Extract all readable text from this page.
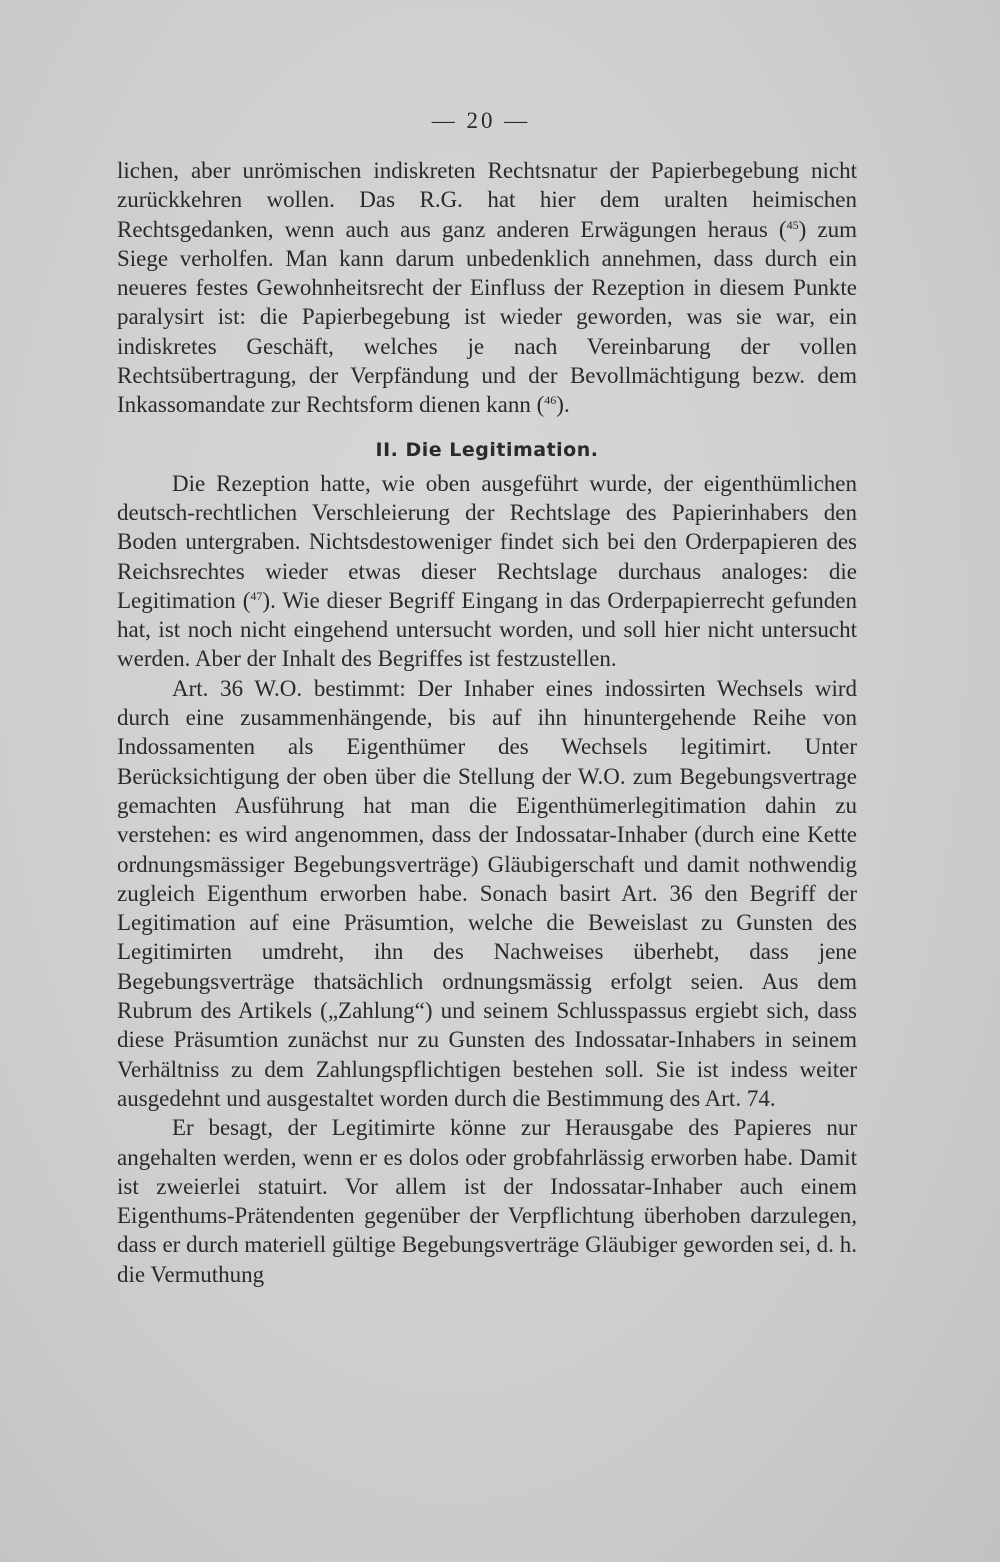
— 20 —

lichen, aber unrömischen indiskreten Rechtsnatur der Papierbegebung nicht zurückkehren wollen. Das R.G. hat hier dem uralten heimischen Rechtsgedanken, wenn auch aus ganz anderen Erwägungen heraus ($^{45}$) zum Siege verholfen. Man kann darum unbedenklich annehmen, dass durch ein neueres festes Gewohnheitsrecht der Einfluss der Rezeption in diesem Punkte paralysirt ist: die Papierbegebung ist wieder geworden, was sie war, ein indiskretes Geschäft, welches je nach Vereinbarung der vollen Rechtsübertragung, der Verpfändung und der Bevollmächtigung bezw. dem Inkassomandate zur Rechtsform dienen kann ($^{46}$).

II. Die Legitimation.

Die Rezeption hatte, wie oben ausgeführt wurde, der eigenthümlichen deutsch-rechtlichen Verschleierung der Rechtslage des Papierinhabers den Boden untergraben. Nichtsdestoweniger findet sich bei den Orderpapieren des Reichsrechtes wieder etwas dieser Rechtslage durchaus analoges: die Legitimation ($^{47}$). Wie dieser Begriff Eingang in das Orderpapierrecht gefunden hat, ist noch nicht eingehend untersucht worden, und soll hier nicht untersucht werden. Aber der Inhalt des Begriffes ist festzustellen.

Art. 36 W.O. bestimmt: Der Inhaber eines indossirten Wechsels wird durch eine zusammenhängende, bis auf ihn hinuntergehende Reihe von Indossamenten als Eigenthümer des Wechsels legitimirt. Unter Berücksichtigung der oben über die Stellung der W.O. zum Begebungsvertrage gemachten Ausführung hat man die Eigenthümerlegitimation dahin zu verstehen: es wird angenommen, dass der Indossatar-Inhaber (durch eine Kette ordnungsmässiger Begebungsverträge) Gläubigerschaft und damit nothwendig zugleich Eigenthum erworben habe. Sonach basirt Art. 36 den Begriff der Legitimation auf eine Präsumtion, welche die Beweislast zu Gunsten des Legitimirten umdreht, ihn des Nachweises überhebt, dass jene Begebungsverträge thatsächlich ordnungsmässig erfolgt seien. Aus dem Rubrum des Artikels („Zahlung“) und seinem Schlusspassus ergiebt sich, dass diese Präsumtion zunächst nur zu Gunsten des Indossatar-Inhabers in seinem Verhältniss zu dem Zahlungspflichtigen bestehen soll. Sie ist indess weiter ausgedehnt und ausgestaltet worden durch die Bestimmung des Art. 74.

Er besagt, der Legitimirte könne zur Herausgabe des Papieres nur angehalten werden, wenn er es dolos oder grobfahrlässig erworben habe. Damit ist zweierlei statuirt. Vor allem ist der Indossatar-Inhaber auch einem Eigenthums-Prätendenten gegenüber der Verpflichtung überhoben darzulegen, dass er durch materiell gültige Begebungsverträge Gläubiger geworden sei, d. h. die Vermuthung
